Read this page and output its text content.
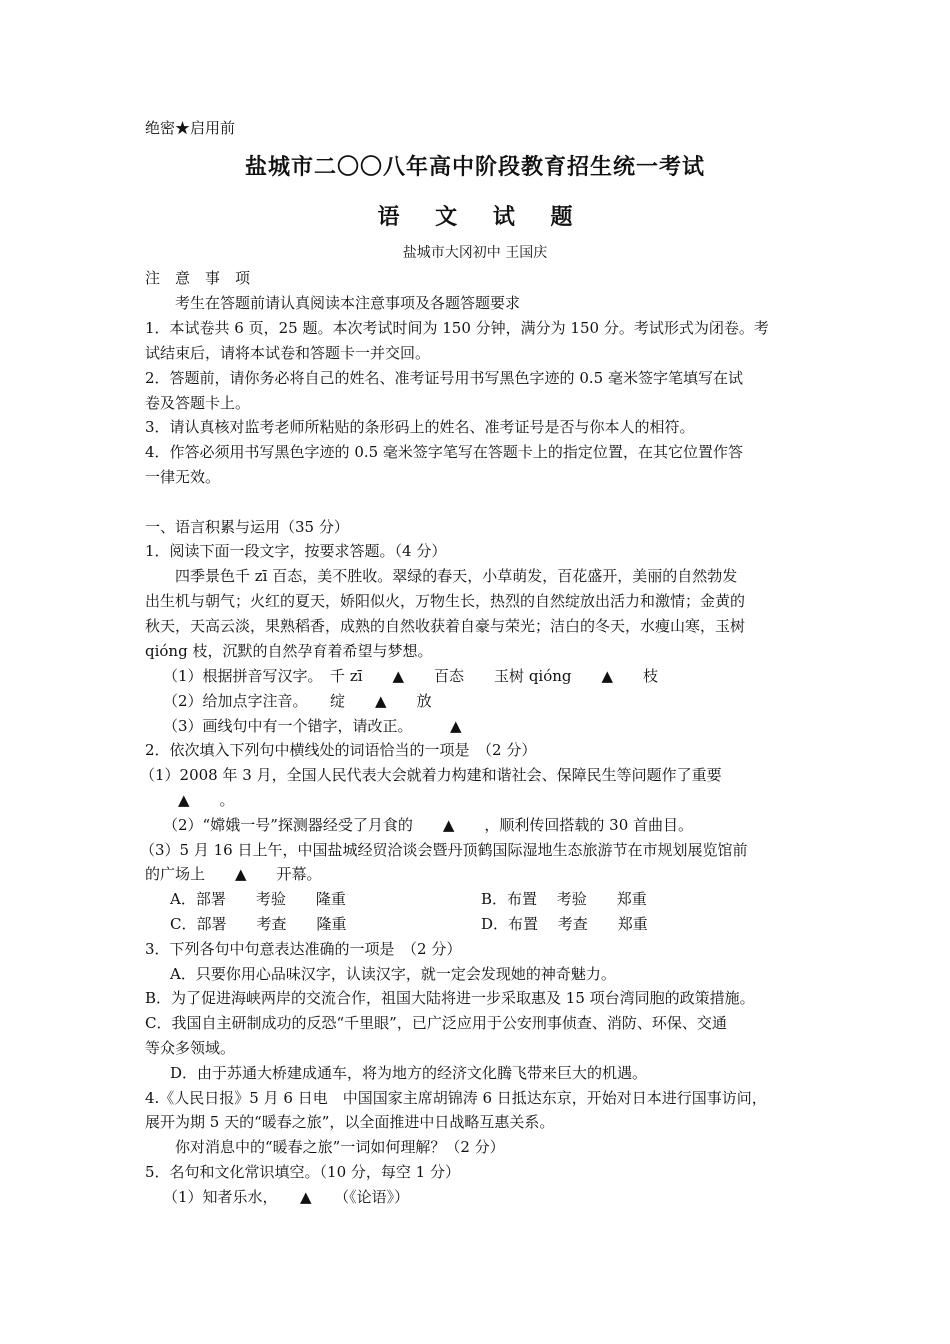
绝密★启用前
盐城市二〇〇八年高中阶段教育招生统一考试
语 文 试 题
盐城市大冈初中 王国庆
注　意　事　项
考生在答题前请认真阅读本注意事项及各题答题要求
1．本试卷共 6 页，25 题。本次考试时间为 150 分钟，满分为 150 分。考试形式为闭卷。考
试结束后，请将本试卷和答题卡一并交回。
2．答题前，请你务必将自己的姓名、准考证号用书写黑色字迹的 0.5 毫米签字笔填写在试
卷及答题卡上。
3．请认真核对监考老师所粘贴的条形码上的姓名、准考证号是否与你本人的相符。
4．作答必须用书写黑色字迹的 0.5 毫米签字笔写在答题卡上的指定位置，在其它位置作答
一律无效。
一、语言积累与运用（35 分）
1．阅读下面一段文字，按要求答题。（4 分）
四季景色千 zī 百态，美不胜收。翠绿的春天，小草萌发，百花盛开，美丽的自然勃发
出生机与朝气；火红的夏天，娇阳似火，万物生长，热烈的自然绽放出活力和激情；金黄的
秋天，天高云淡，果熟稻香，成熟的自然收获着自豪与荣光；洁白的冬天，水瘦山寒，玉树
qióng 枝，沉默的自然孕育着希望与梦想。
（1）根据拼音写汉字。　千 zī　　▲　　百态　　玉树 qióng　　▲　　枝
（2）给加点字注音。　　绽　　▲　　放
（3）画线句中有一个错字，请改正。　　　▲
2．依次填入下列句中横线处的词语恰当的一项是　（2 分）
（1）2008 年 3 月，全国人民代表大会就着力构建和谐社会、保障民生等问题作了重要
▲　　。
（2）“嫦娥一号”探测器经受了月食的　　▲　　，顺利传回搭载的 30 首曲目。
（3）5 月 16 日上午，中国盐城经贸洽谈会暨丹顶鹤国际湿地生态旅游节在市规划展览馆前
的广场上　　▲　　开幕。
A．部署　　考验　　隆重	B．布置　 考验　　郑重
C．部署　　考查　　隆重	D．布置　 考查　　郑重
3．下列各句中句意表达准确的一项是　（2 分）
A．只要你用心品味汉字，认读汉字，就一定会发现她的神奇魅力。
B．为了促进海峡两岸的交流合作，祖国大陆将进一步采取惠及 15 项台湾同胞的政策措施。
C．我国自主研制成功的反恐“千里眼”，已广泛应用于公安刑事侦查、消防、环保、交通
等众多领域。
D．由于苏通大桥建成通车，将为地方的经济文化腾飞带来巨大的机遇。
4.《人民日报》5 月 6 日电　中国国家主席胡锦涛 6 日抵达东京，开始对日本进行国事访问，
展开为期 5 天的“暖春之旅”，以全面推进中日战略互惠关系。
你对消息中的“暖春之旅”一词如何理解？（2 分）
5．名句和文化常识填空。（10 分，每空 1 分）
（1）知者乐水，　　▲　　（《论语》）
